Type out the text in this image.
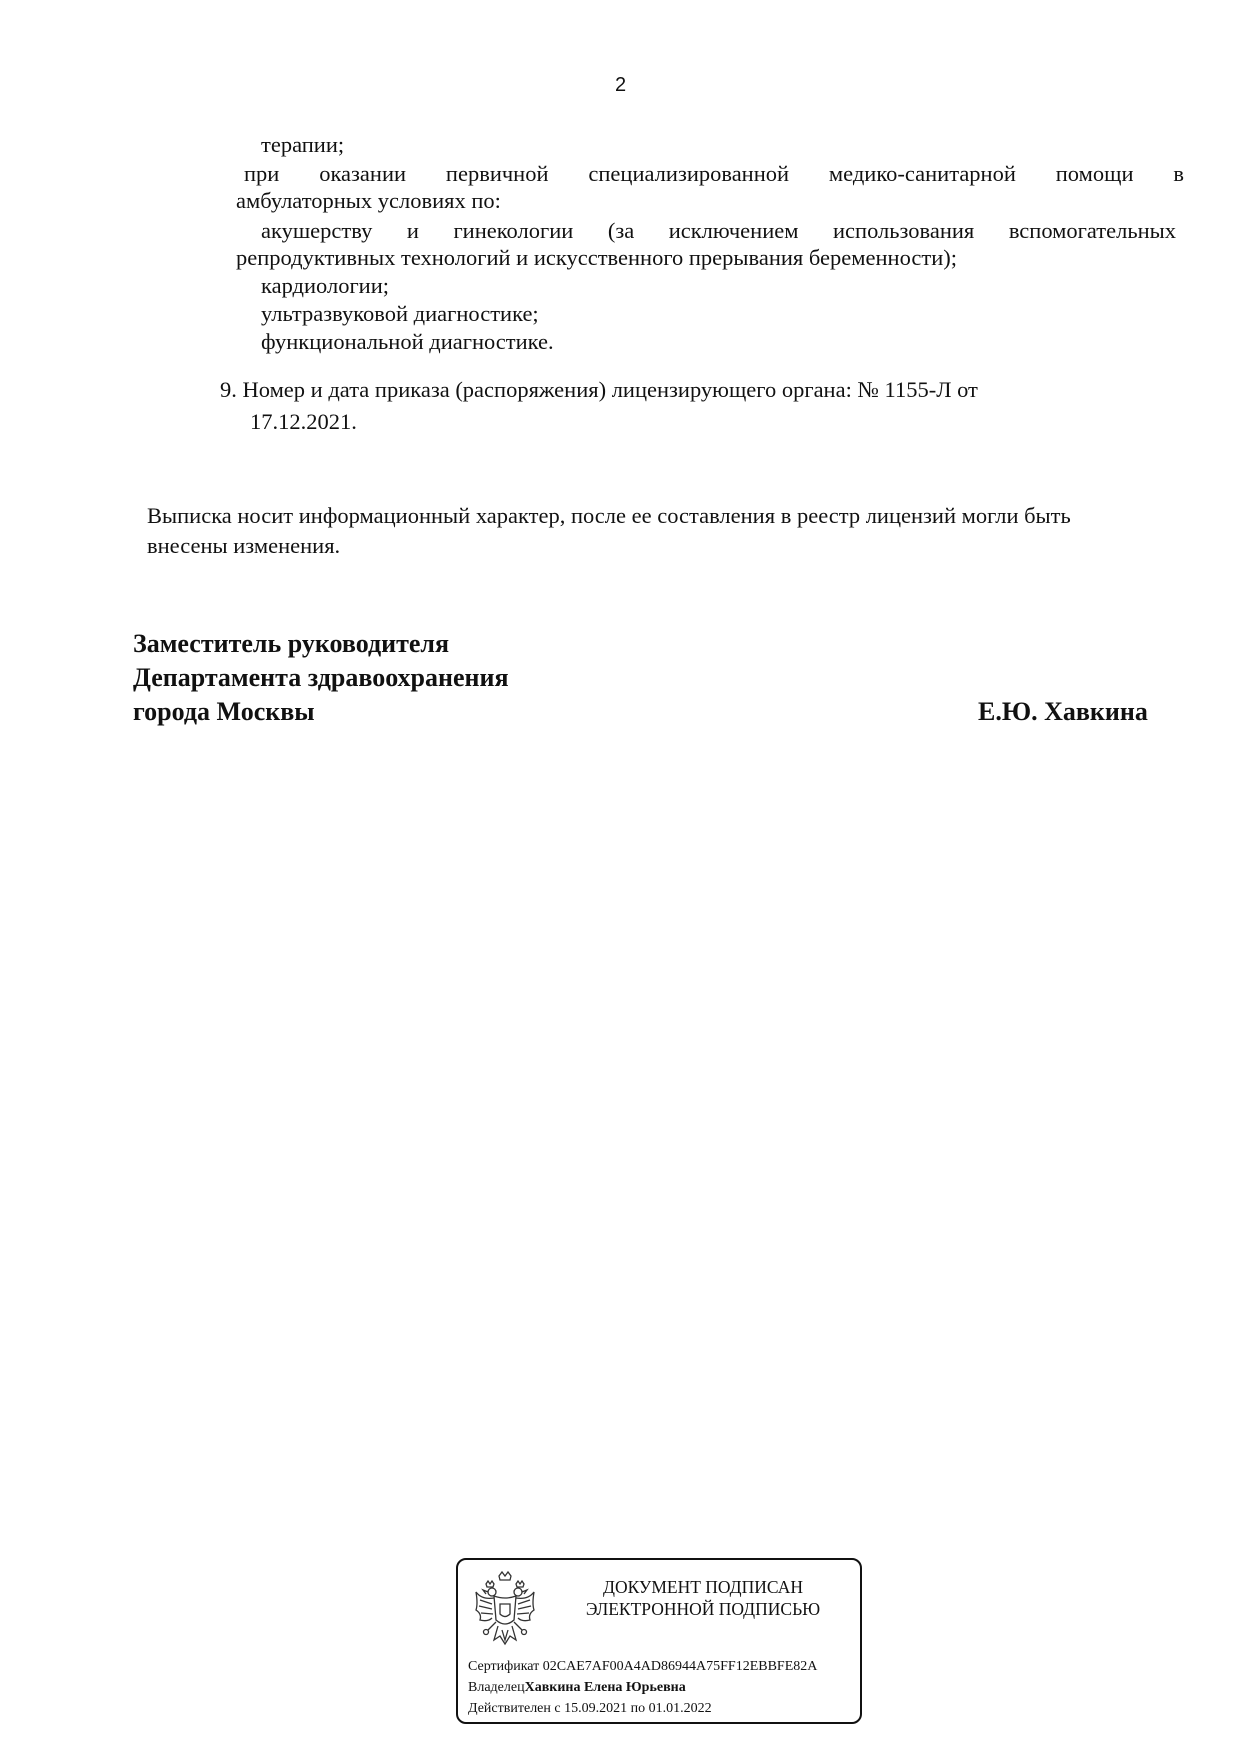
2
терапии;
при оказании первичной специализированной медико-санитарной помощи в
амбулаторных условиях по:
акушерству и гинекологии (за исключением использования вспомогательных
репродуктивных технологий и искусственного прерывания беременности);
кардиологии;
ультразвуковой диагностике;
функциональной диагностике.
9. Номер и дата приказа (распоряжения) лицензирующего органа: № 1155-Л от
17.12.2021.
Выписка носит информационный характер, после ее составления в реестр лицензий могли быть
внесены изменения.
Заместитель руководителя
Департамента здравоохранения
города Москвы	Е.Ю. Хавкина
ДОКУМЕНТ ПОДПИСАН
ЭЛЕКТРОННОЙ ПОДПИСЬЮ
Сертификат 02CAE7AF00A4AD86944A75FF12EBBFE82A
ВладелецХавкина Елена Юрьевна
Действителен с 15.09.2021 по 01.01.2022
